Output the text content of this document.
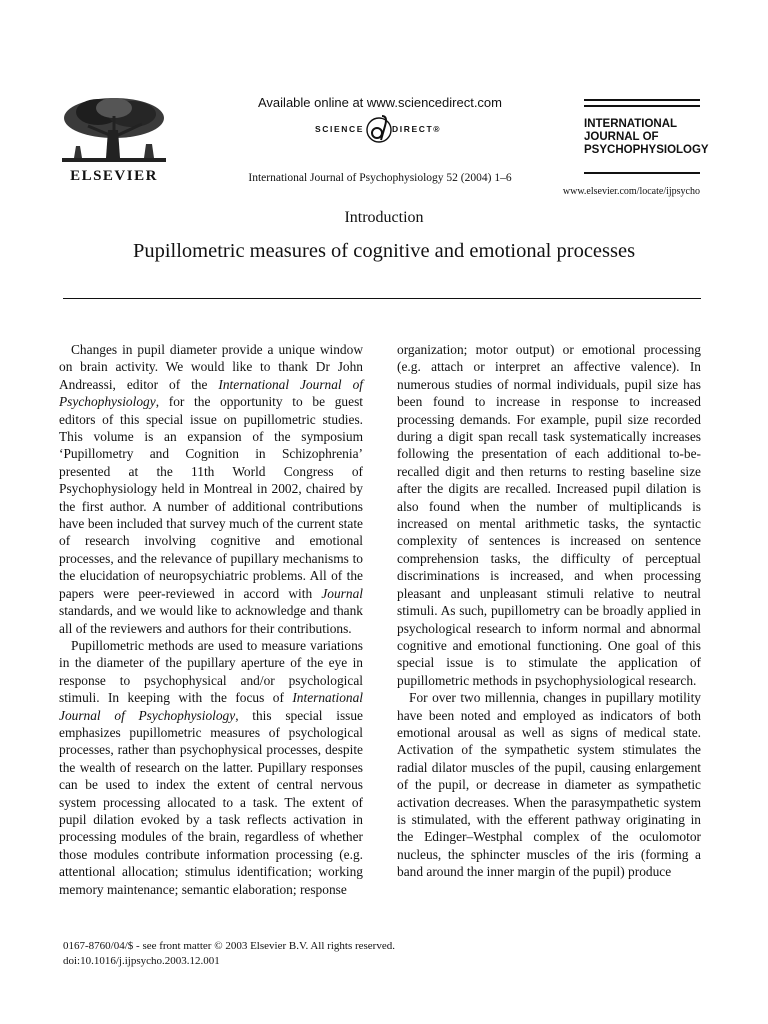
ELSEVIER
Available online at www.sciencedirect.com
SCIENCE	DIRECT®
International Journal of Psychophysiology 52 (2004) 1–6
INTERNATIONAL
JOURNAL OF
PSYCHOPHYSIOLOGY
www.elsevier.com/locate/ijpsycho
Introduction
Pupillometric measures of cognitive and emotional processes

Changes in pupil diameter provide a unique window on brain activity. We would like to thank Dr John Andreassi, editor of the International Journal of Psychophysiology, for the opportunity to be guest editors of this special issue on pupillometric studies. This volume is an expansion of the symposium ‘Pupillometry and Cognition in Schizophrenia’ presented at the 11th World Congress of Psychophysiology held in Montreal in 2002, chaired by the first author. A number of additional contributions have been included that survey much of the current state of research involving cognitive and emotional processes, and the relevance of pupillary mechanisms to the elucidation of neuropsychiatric problems. All of the papers were peer-reviewed in accord with Journal standards, and we would like to acknowledge and thank all of the reviewers and authors for their contributions.

Pupillometric methods are used to measure variations in the diameter of the pupillary aperture of the eye in response to psychophysical and/or psychological stimuli. In keeping with the focus of International Journal of Psychophysiology, this special issue emphasizes pupillometric measures of psychological processes, rather than psychophysical processes, despite the wealth of research on the latter. Pupillary responses can be used to index the extent of central nervous system processing allocated to a task. The extent of pupil dilation evoked by a task reflects activation in processing modules of the brain, regardless of whether those modules contribute information processing (e.g. attentional allocation; stimulus identification; working memory maintenance; semantic elaboration; response

organization; motor output) or emotional processing (e.g. attach or interpret an affective valence). In numerous studies of normal individuals, pupil size has been found to increase in response to increased processing demands. For example, pupil size recorded during a digit span recall task systematically increases following the presentation of each additional to-be-recalled digit and then returns to resting baseline size after the digits are recalled. Increased pupil dilation is also found when the number of multiplicands is increased on mental arithmetic tasks, the syntactic complexity of sentences is increased on sentence comprehension tasks, the difficulty of perceptual discriminations is increased, and when processing pleasant and unpleasant stimuli relative to neutral stimuli. As such, pupillometry can be broadly applied in psychological research to inform normal and abnormal cognitive and emotional functioning. One goal of this special issue is to stimulate the application of pupillometric methods in psychophysiological research.

For over two millennia, changes in pupillary motility have been noted and employed as indicators of both emotional arousal as well as signs of medical state. Activation of the sympathetic system stimulates the radial dilator muscles of the pupil, causing enlargement of the pupil, or decrease in diameter as sympathetic activation decreases. When the parasympathetic system is stimulated, with the efferent pathway originating in the Edinger–Westphal complex of the oculomotor nucleus, the sphincter muscles of the iris (forming a band around the inner margin of the pupil) produce

0167-8760/04/$ - see front matter © 2003 Elsevier B.V. All rights reserved.
doi:10.1016/j.ijpsycho.2003.12.001
